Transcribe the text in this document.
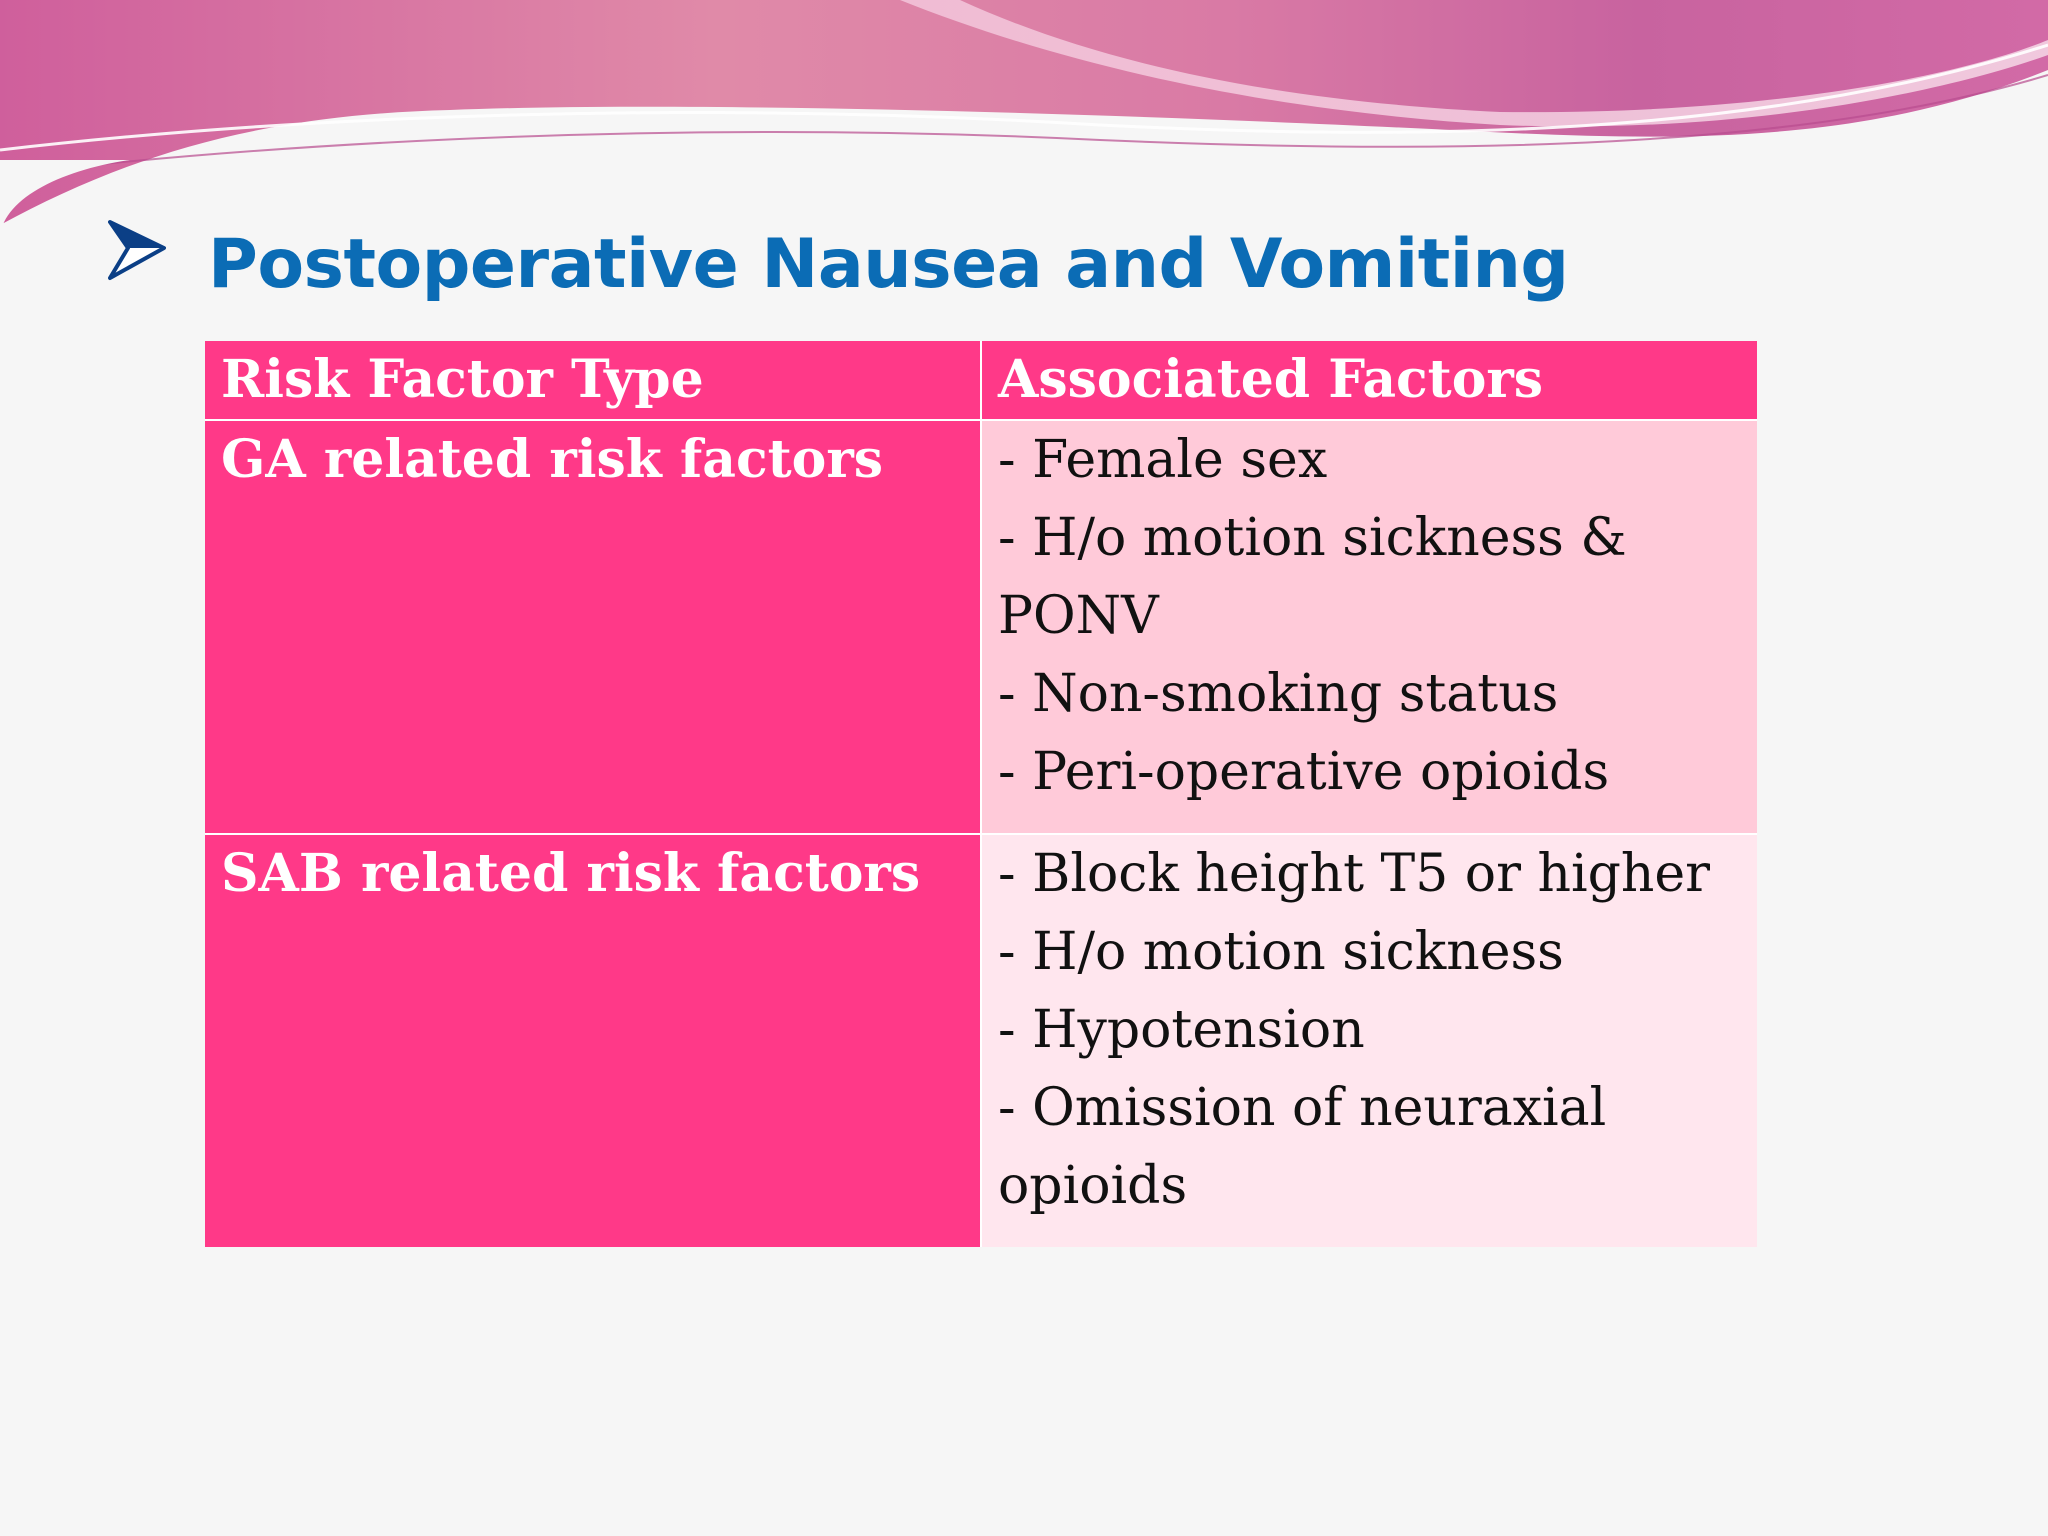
Postoperative Nausea and Vomiting
Risk Factor Type	Associated Factors
GA related risk factors	- Female sex
- H/o motion sickness & PONV
- Non-smoking status
- Peri-operative opioids

SAB related risk factors	- Block height T5 or higher
- H/o motion sickness
- Hypotension
- Omission of neuraxial opioids
